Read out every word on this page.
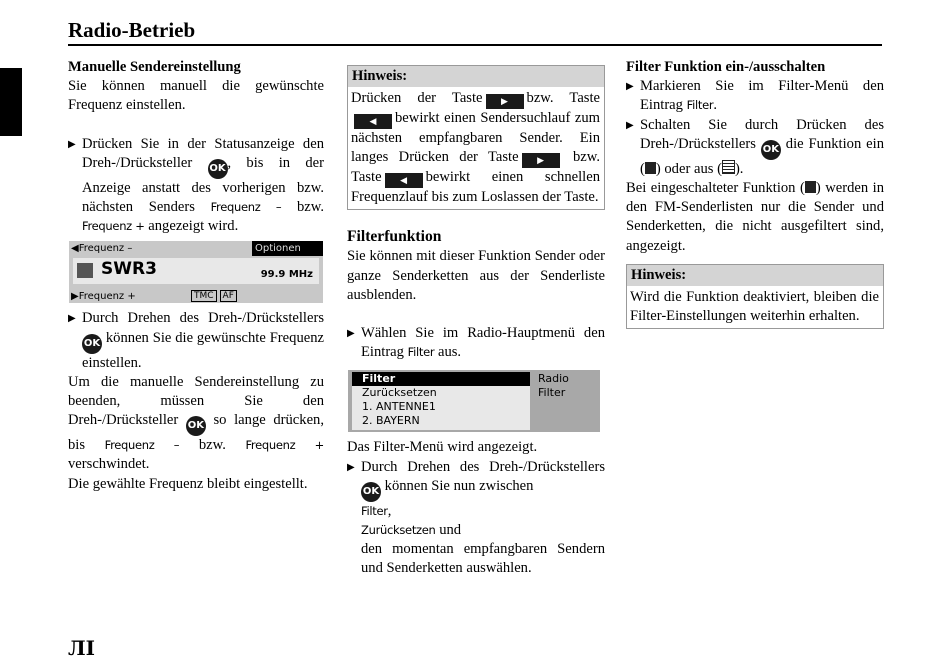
Radio-Betrieb

Manuelle Sendereinstellung

Sie können manuell die gewünschte Frequenz einstellen.

▶ Drücken Sie in der Statusanzeige den Dreh-/Drücksteller OK , bis in der Anzeige anstatt des vorherigen bzw. nächsten Senders Frequenz – bzw. Frequenz + angezeigt wird.
◀Frequenz –	Optionen
SWR3	99.9 MHz
▶Frequenz +	TMC AF
▶ Durch Drehen des Dreh-/Drückstellers OK können Sie die gewünschte Frequenz einstellen.

Um die manuelle Sendereinstellung zu beenden, müssen Sie den Dreh-/Drücksteller OK so lange drücken, bis Frequenz – bzw. Frequenz + verschwindet.

Die gewählte Frequenz bleibt eingestellt.

Hinweis:
Drücken der Taste ▶ bzw. Taste ◀ bewirkt einen Sendersuchlauf zum nächsten empfangbaren Sender. Ein langes Drücken der Taste ▶ bzw. Taste ◀ bewirkt einen schnellen Frequenzlauf bis zum Loslassen der Taste.

Filterfunktion

Sie können mit dieser Funktion Sender oder ganze Senderketten aus der Senderliste ausblenden.

▶ Wählen Sie im Radio-Hauptmenü den Eintrag Filter aus.
Filter
Zurücksetzen
1. ANTENNE1
2. BAYERN
Radio
Filter

Das Filter-Menü wird angezeigt.

▶ Durch Drehen des Dreh-/Drückstellers OK können Sie nun zwischen
Filter,
Zurücksetzen und
den momentan empfangbaren Sendern und Senderketten auswählen.

Filter Funktion ein-/ausschalten

▶ Markieren Sie im Filter-Menü den Eintrag Filter.
▶ Schalten Sie durch Drücken des Dreh-/Drückstellers OK die Funktion ein ( ) oder aus ( ).

Bei eingeschalteter Funktion ( ) werden in den FM-Senderlisten nur die Sender und Senderketten, die nicht ausgefiltert sind, angezeigt.

Hinweis:
Wird die Funktion deaktiviert, bleiben die Filter-Einstellungen weiterhin erhalten.
ЛІ
